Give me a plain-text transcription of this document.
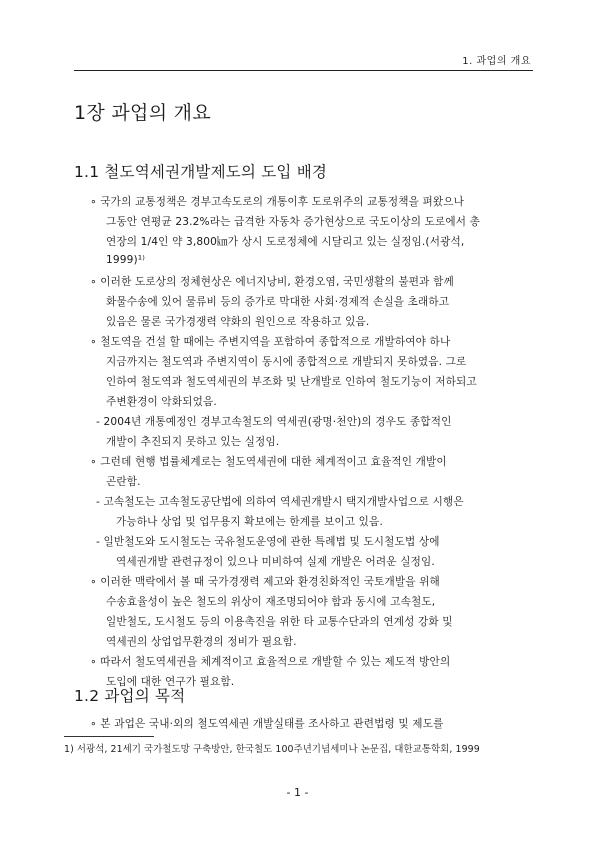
1. 과업의 개요
1장 과업의 개요
1.1 철도역세권개발제도의 도입 배경
∘ 국가의 교통정책은 경부고속도로의 개통이후 도로위주의 교통정책을 펴왔으나
그동안 연평균 23.2%라는 급격한 자동차 증가현상으로 국도이상의 도로에서 총
연장의 1/4인 약 3,800㎞가 상시 도로정체에 시달리고 있는 실정임.(서광석,
1999)¹⁾
∘ 이러한 도로상의 정체현상은 에너지낭비, 환경오염, 국민생활의 불편과 함께
화물수송에 있어 물류비 등의 증가로 막대한 사회·경제적 손실을 초래하고
있음은 물론 국가경쟁력 약화의 원인으로 작용하고 있음.
∘ 철도역을 건설 할 때에는 주변지역을 포함하여 종합적으로 개발하여야 하나
지금까지는 철도역과 주변지역이 동시에 종합적으로 개발되지 못하였음. 그로
인하여 철도역과 철도역세권의 부조화 및 난개발로 인하여 철도기능이 저하되고
주변환경이 악화되었음.
- 2004년 개통예정인 경부고속철도의 역세권(광명·천안)의 경우도 종합적인
개발이 추진되지 못하고 있는 실정임.
∘ 그런데 현행 법률체계로는 철도역세권에 대한 체계적이고 효율적인 개발이
곤란함.
- 고속철도는 고속철도공단법에 의하여 역세권개발시 택지개발사업으로 시행은
가능하나 상업 및 업무용지 확보에는 한계를 보이고 있음.
- 일반철도와 도시철도는 국유철도운영에 관한 특례법 및 도시철도법 상에
역세권개발 관련규정이 있으나 미비하여 실제 개발은 어려운 실정임.
∘ 이러한 맥락에서 볼 때 국가경쟁력 제고와 환경친화적인 국토개발을 위해
수송효율성이 높은 철도의 위상이 재조명되어야 함과 동시에 고속철도,
일반철도, 도시철도 등의 이용촉진을 위한 타 교통수단과의 연계성 강화 및
역세권의 상업업무환경의 정비가 필요함.
∘ 따라서 철도역세권을 체계적이고 효율적으로 개발할 수 있는 제도적 방안의
도입에 대한 연구가 필요함.
1.2 과업의 목적
∘ 본 과업은 국내·외의 철도역세권 개발실태를 조사하고 관련법령 및 제도를
1) 서광석, 21세기 국가철도망 구축방안, 한국철도 100주년기념세미나 논문집, 대한교통학회, 1999
- 1 -
